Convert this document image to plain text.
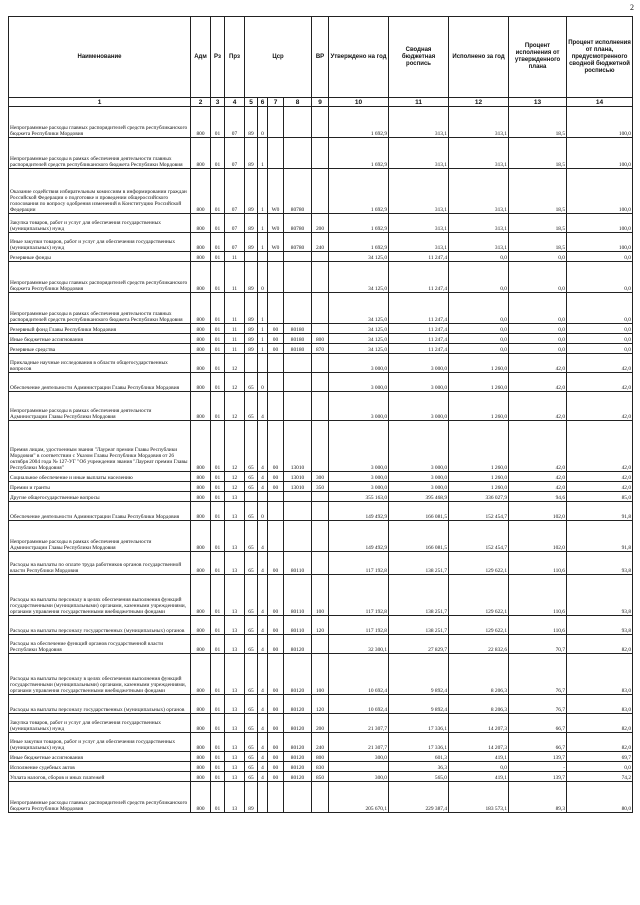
2
Наименование	Адм	Рз	Прз	Цср				ВР	Утверждено на год	Сводная бюджетная роспись	Исполнено за год	Процент исполнения от утвержденного плана	Процент исполнения от плана, предусмотренного сводной бюджетной росписью
1	2	3	4	5	6	7	8	9	10	11	12	13	14
Непрограммные расходы главных распорядителей средств республиканского бюджета Республики Мордовия	800	01	07	89	0				1 692,9	313,1	313,1	18,5	100,0
Непрограммные расходы в рамках обеспечения деятельности главных распорядителей средств республиканского бюджета Республики Мордовия	800	01	07	89	1				1 692,9	313,1	313,1	18,5	100,0
Оказание содействия избирательным комиссиям в информировании граждан Российской Федерации о подготовке и проведении общероссийского голосования по вопросу одобрения изменений в Конституцию Российской Федерации	800	01	07	89	1	W0	80780		1 692,9	313,1	313,1	18,5	100,0
Закупка товаров, работ и услуг для обеспечения государственных (муниципальных) нужд	800	01	07	89	1	W0	80780	200	1 692,9	313,1	313,1	18,5	100,0
Иные закупки товаров, работ и услуг для обеспечения государственных (муниципальных) нужд	800	01	07	89	1	W0	80780	240	1 692,9	313,1	313,1	18,5	100,0
Резервные фонды	800	01	11						34 125,0	11 247,4	0,0	0,0	0,0
Непрограммные расходы главных распорядителей средств республиканского бюджета Республики Мордовия	800	01	11	89	0				34 125,0	11 247,4	0,0	0,0	0,0
Непрограммные расходы в рамках обеспечения деятельности главных распорядителей средств республиканского бюджета Республики Мордовия	800	01	11	89	1				34 125,0	11 247,4	0,0	0,0	0,0
Резервный фонд Главы Республики Мордовия	800	01	11	89	1	00	80180		34 125,0	11 247,4	0,0	0,0	0,0
Иные бюджетные ассигнования	800	01	11	89	1	00	80180	800	34 125,0	11 247,4	0,0	0,0	0,0
Резервные средства	800	01	11	89	1	00	80180	870	34 125,0	11 247,4	0,0	0,0	0,0
Прикладные научные исследования в области общегосударственных вопросов	800	01	12						3 000,0	3 000,0	1 260,0	42,0	42,0
Обеспечение деятельности Администрации Главы Республики Мордовия	800	01	12	65	0				3 000,0	3 000,0	1 260,0	42,0	42,0
Непрограммные расходы в рамках обеспечения деятельности Администрации Главы Республики Мордовия	800	01	12	65	4				3 000,0	3 000,0	1 260,0	42,0	42,0
Премия лицам, удостоенным звания "Лауреат премии Главы Республики Мордовия" в соответствии с Указом Главы Республики Мордовия от 26 октября 2004 года № 127-УГ "Об учреждении звания "Лауреат премии Главы Республики Мордовия"	800	01	12	65	4	00	13010		3 000,0	3 000,0	1 260,0	42,0	42,0
Социальное обеспечение и иные выплаты населению	800	01	12	65	4	00	13010	300	3 000,0	3 000,0	1 260,0	42,0	42,0
Премии и гранты	800	01	12	65	4	00	13010	350	3 000,0	3 000,0	1 260,0	42,0	42,0
Другие общегосударственные вопросы	800	01	13						355 163,0	395 468,9	336 027,9	94,6	85,0
Обеспечение деятельности Администрации Главы Республики Мордовия	800	01	13	65	0				149 492,9	166 081,5	152 454,7	102,0	91,8
Непрограммные расходы в рамках обеспечения деятельности Администрации Главы Республики Мордовия	800	01	13	65	4				149 492,9	166 081,5	152 454,7	102,0	91,8
Расходы на выплаты по оплате труда работников органов государственной власти Республики Мордовия	800	01	13	65	4	00	80110		117 192,8	138 251,7	129 622,1	110,6	93,8
Расходы на выплаты персоналу в целях обеспечения выполнения функций государственными (муниципальными) органами, казенными учреждениями, органами управления государственными внебюджетными фондами	800	01	13	65	4	00	80110	100	117 192,8	138 251,7	129 622,1	110,6	93,8
Расходы на выплаты персоналу государственных (муниципальных) органов	800	01	13	65	4	00	80110	120	117 192,8	138 251,7	129 622,1	110,6	93,8
Расходы на обеспечение функций органов государственной власти Республики Мордовия	800	01	13	65	4	00	80120		32 300,1	27 829,7	22 832,6	70,7	82,0
Расходы на выплаты персоналу в целях обеспечения выполнения функций государственными (муниципальными) органами, казенными учреждениями, органами управления государственными внебюджетными фондами	800	01	13	65	4	00	80120	100	10 692,4	9 892,4	8 206,3	76,7	83,0
Расходы на выплаты персоналу государственных (муниципальных) органов	800	01	13	65	4	00	80120	120	10 692,4	9 892,4	8 206,3	76,7	83,0
Закупка товаров, работ и услуг для обеспечения государственных (муниципальных) нужд	800	01	13	65	4	00	80120	200	21 307,7	17 336,1	14 207,3	66,7	82,0
Иные закупки товаров, работ и услуг для обеспечения государственных (муниципальных) нужд	800	01	13	65	4	00	80120	240	21 307,7	17 336,1	14 207,3	66,7	82,0
Иные бюджетные ассигнования	800	01	13	65	4	00	80120	800	300,0	601,3	419,1	139,7	69,7
Исполнение судебных актов	800	01	13	65	4	00	80120	830		36,3	0,0	-	0,0
Уплата налогов, сборов и иных платежей	800	01	13	65	4	00	80120	850	300,0	565,0	419,1	139,7	74,2
Непрограммные расходы главных распорядителей средств республиканского бюджета Республики Мордовия	800	01	13	89					205 670,1	229 387,4	183 573,1	89,3	80,0
